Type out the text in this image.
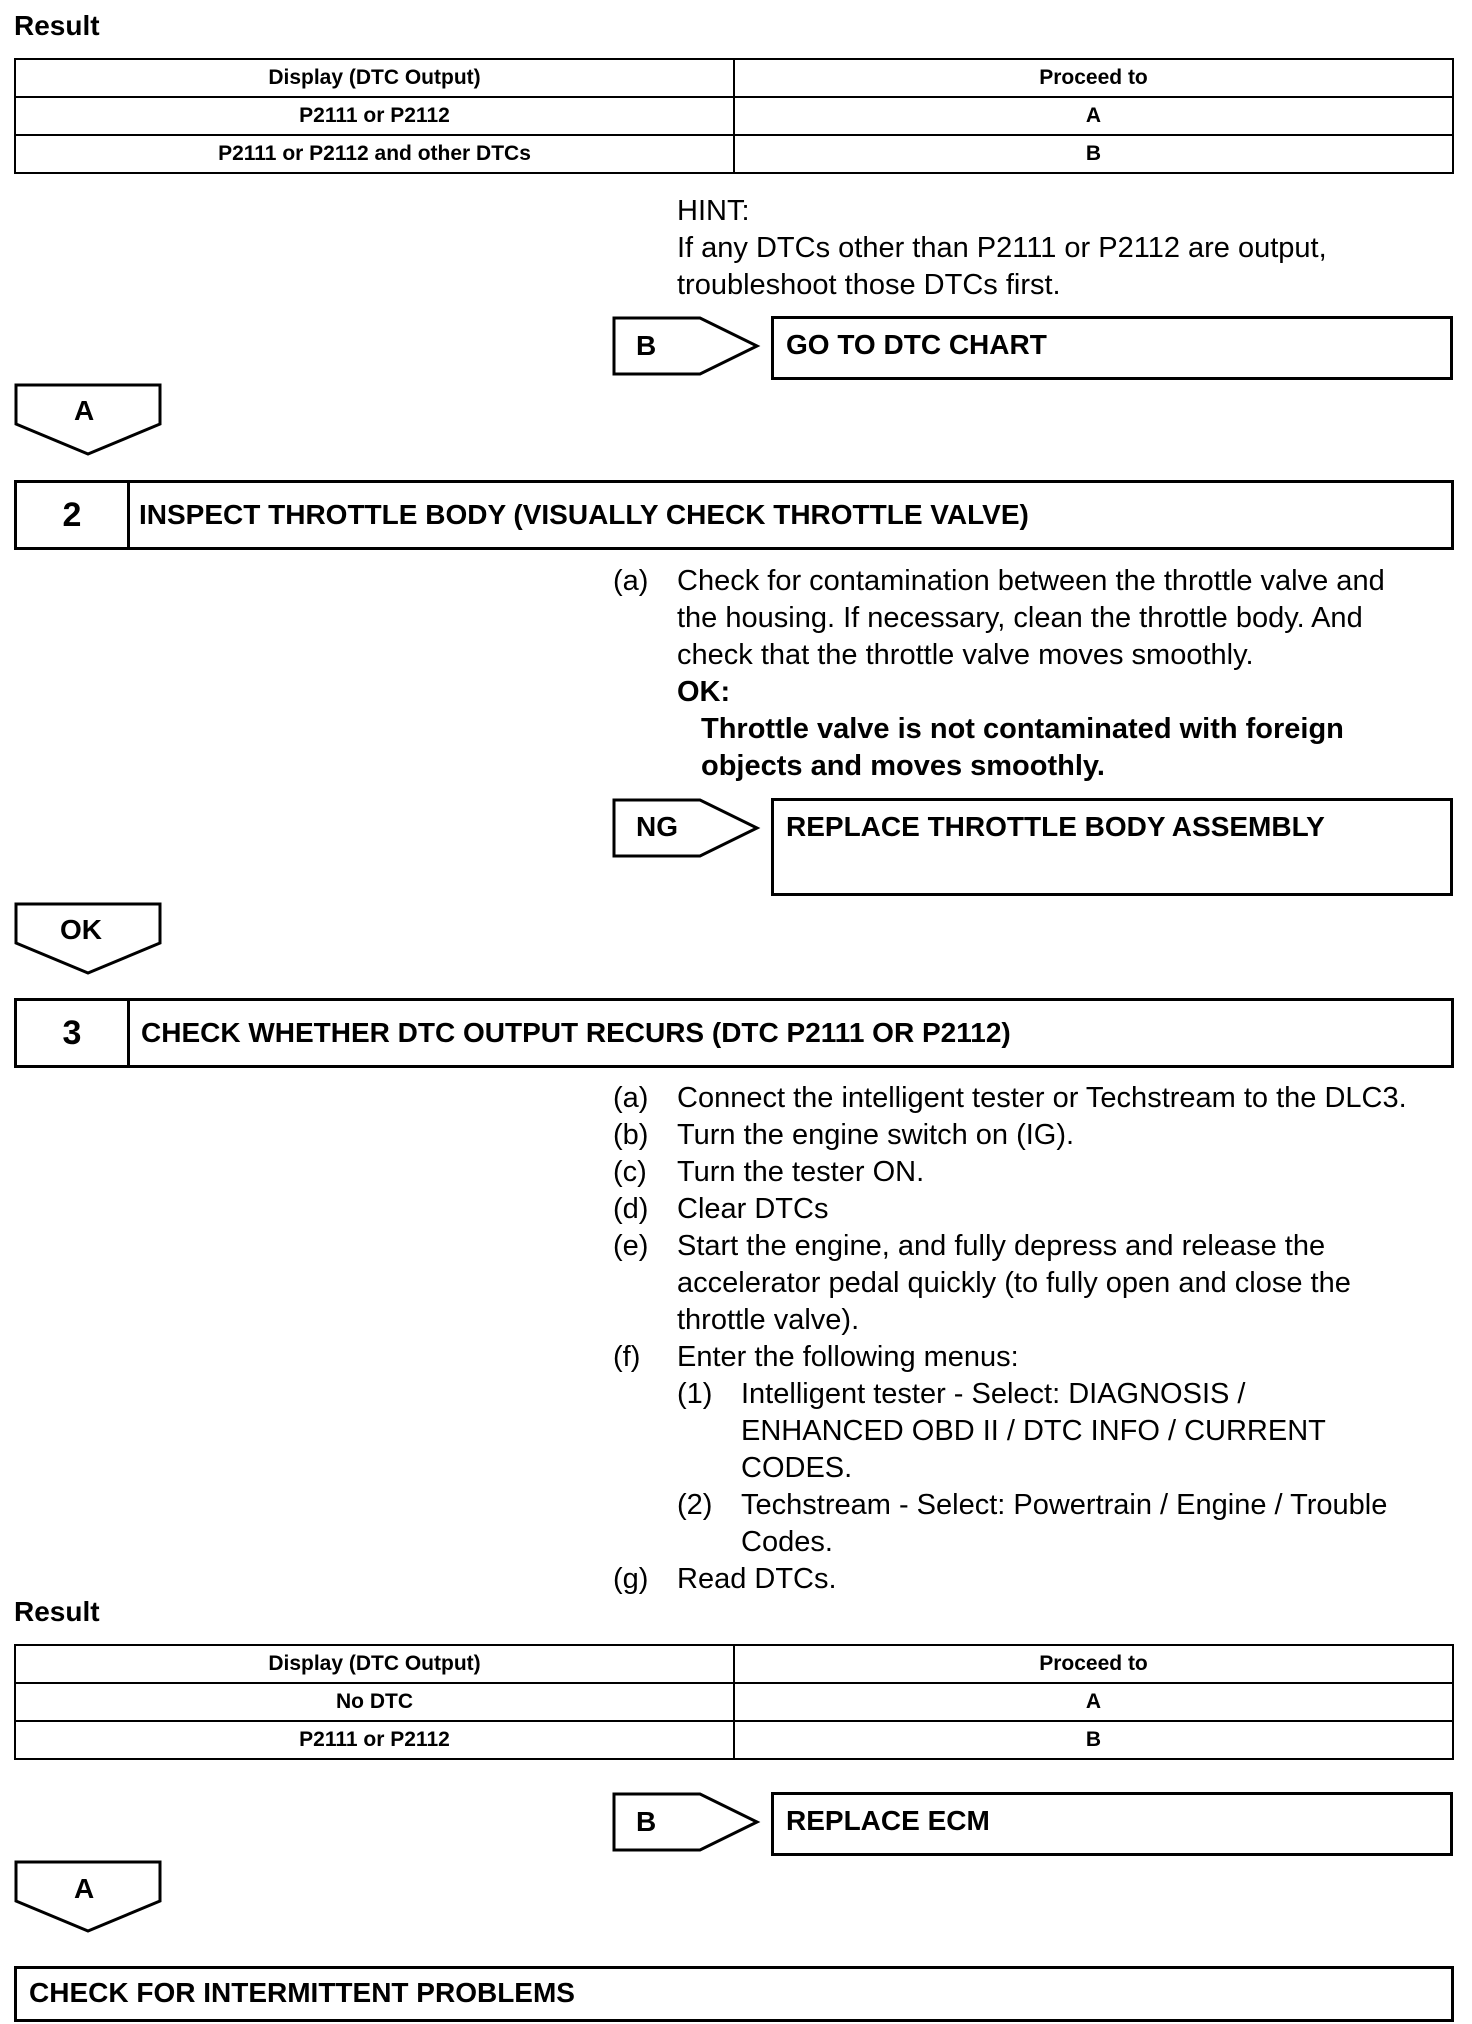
Result
Display (DTC Output)	Proceed to
P2111 or P2112	A
P2111 or P2112 and other DTCs	B
HINT:
If any DTCs other than P2111 or P2112 are output,
troubleshoot those DTCs first.
B	GO TO DTC CHART
A
2	INSPECT THROTTLE BODY (VISUALLY CHECK THROTTLE VALVE)
(a) Check for contamination between the throttle valve and
the housing. If necessary, clean the throttle body. And
check that the throttle valve moves smoothly.
OK:
Throttle valve is not contaminated with foreign
objects and moves smoothly.
NG	REPLACE THROTTLE BODY ASSEMBLY
OK
3	CHECK WHETHER DTC OUTPUT RECURS (DTC P2111 OR P2112)
(a) Connect the intelligent tester or Techstream to the DLC3.
(b) Turn the engine switch on (IG).
(c) Turn the tester ON.
(d) Clear DTCs
(e) Start the engine, and fully depress and release the
accelerator pedal quickly (to fully open and close the
throttle valve).
(f) Enter the following menus:
(1) Intelligent tester - Select: DIAGNOSIS /
ENHANCED OBD II / DTC INFO / CURRENT
CODES.
(2) Techstream - Select: Powertrain / Engine / Trouble
Codes.
(g) Read DTCs.
Result
Display (DTC Output)	Proceed to
No DTC	A
P2111 or P2112	B
B	REPLACE ECM
A
CHECK FOR INTERMITTENT PROBLEMS
